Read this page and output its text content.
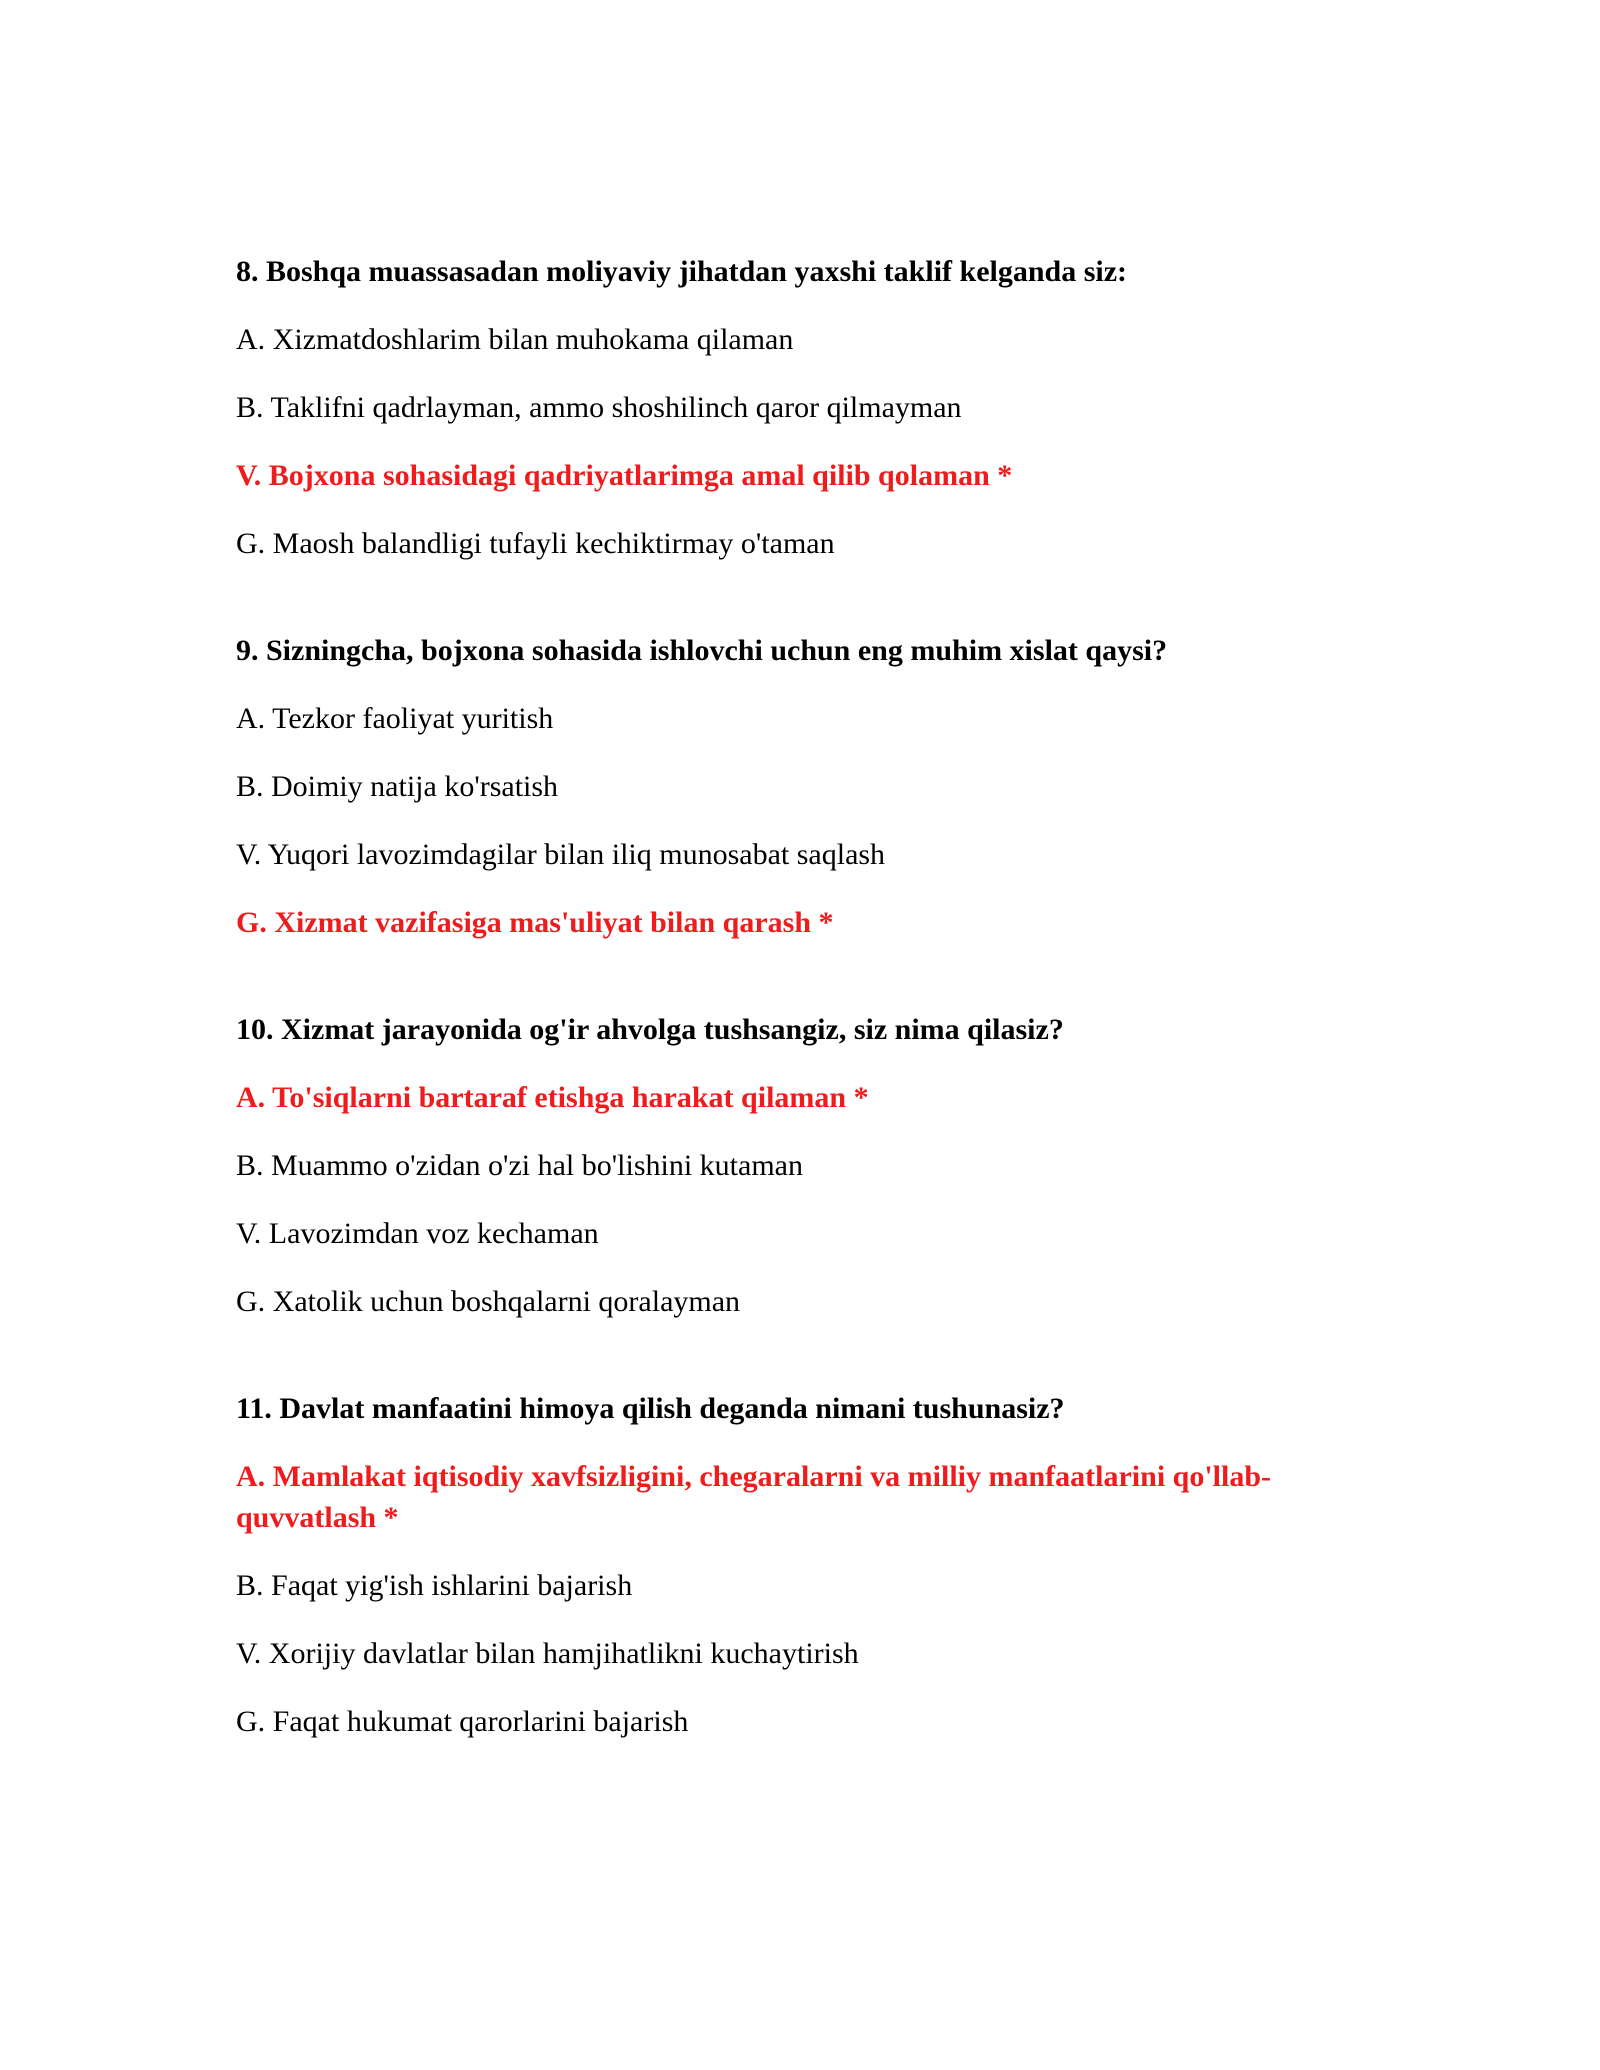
8. Boshqa muassasadan moliyaviy jihatdan yaxshi taklif kelganda siz:
A. Xizmatdoshlarim bilan muhokama qilaman
B. Taklifni qadrlayman, ammo shoshilinch qaror qilmayman
V. Bojxona sohasidagi qadriyatlarimga amal qilib qolaman *
G. Maosh balandligi tufayli kechiktirmay o'taman
9. Sizningcha, bojxona sohasida ishlovchi uchun eng muhim xislat qaysi?
A. Tezkor faoliyat yuritish
B. Doimiy natija ko'rsatish
V. Yuqori lavozimdagilar bilan iliq munosabat saqlash
G. Xizmat vazifasiga mas'uliyat bilan qarash *
10. Xizmat jarayonida og'ir ahvolga tushsangiz, siz nima qilasiz?
A. To'siqlarni bartaraf etishga harakat qilaman *
B. Muammo o'zidan o'zi hal bo'lishini kutaman
V. Lavozimdan voz kechaman
G. Xatolik uchun boshqalarni qoralayman
11. Davlat manfaatini himoya qilish deganda nimani tushunasiz?
A. Mamlakat iqtisodiy xavfsizligini, chegaralarni va milliy manfaatlarini qo'llab-quvvatlash *
B. Faqat yig'ish ishlarini bajarish
V. Xorijiy davlatlar bilan hamjihatlikni kuchaytirish
G. Faqat hukumat qarorlarini bajarish
